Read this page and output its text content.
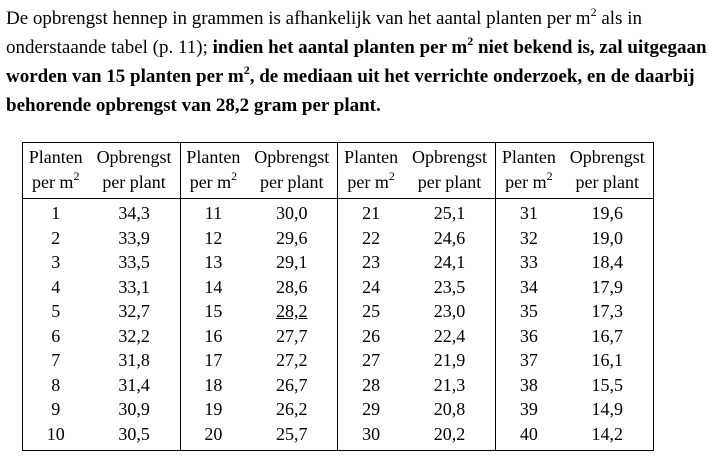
De opbrengst hennep in grammen is afhankelijk van het aantal planten per $m^2$ als in onderstaande tabel (p. 11); indien het aantal planten per $m^2$ niet bekend is, zal uitgegaan worden van 15 planten per $m^2$, de mediaan uit het verrichte onderzoek, en de daarbij behorende opbrengst van 28,2 gram per plant.
Planten	Opbrengst	Planten	Opbrengst	Planten	Opbrengst	Planten	Opbrengst
per $m^2$	per plant	per $m^2$	per plant	per $m^2$	per plant	per $m^2$	per plant
1	34,3	11	30,0	21	25,1	31	19,6
2	33,9	12	29,6	22	24,6	32	19,0
3	33,5	13	29,1	23	24,1	33	18,4
4	33,1	14	28,6	24	23,5	34	17,9
5	32,7	15	28,2	25	23,0	35	17,3
6	32,2	16	27,7	26	22,4	36	16,7
7	31,8	17	27,2	27	21,9	37	16,1
8	31,4	18	26,7	28	21,3	38	15,5
9	30,9	19	26,2	29	20,8	39	14,9
10	30,5	20	25,7	30	20,2	40	14,2
